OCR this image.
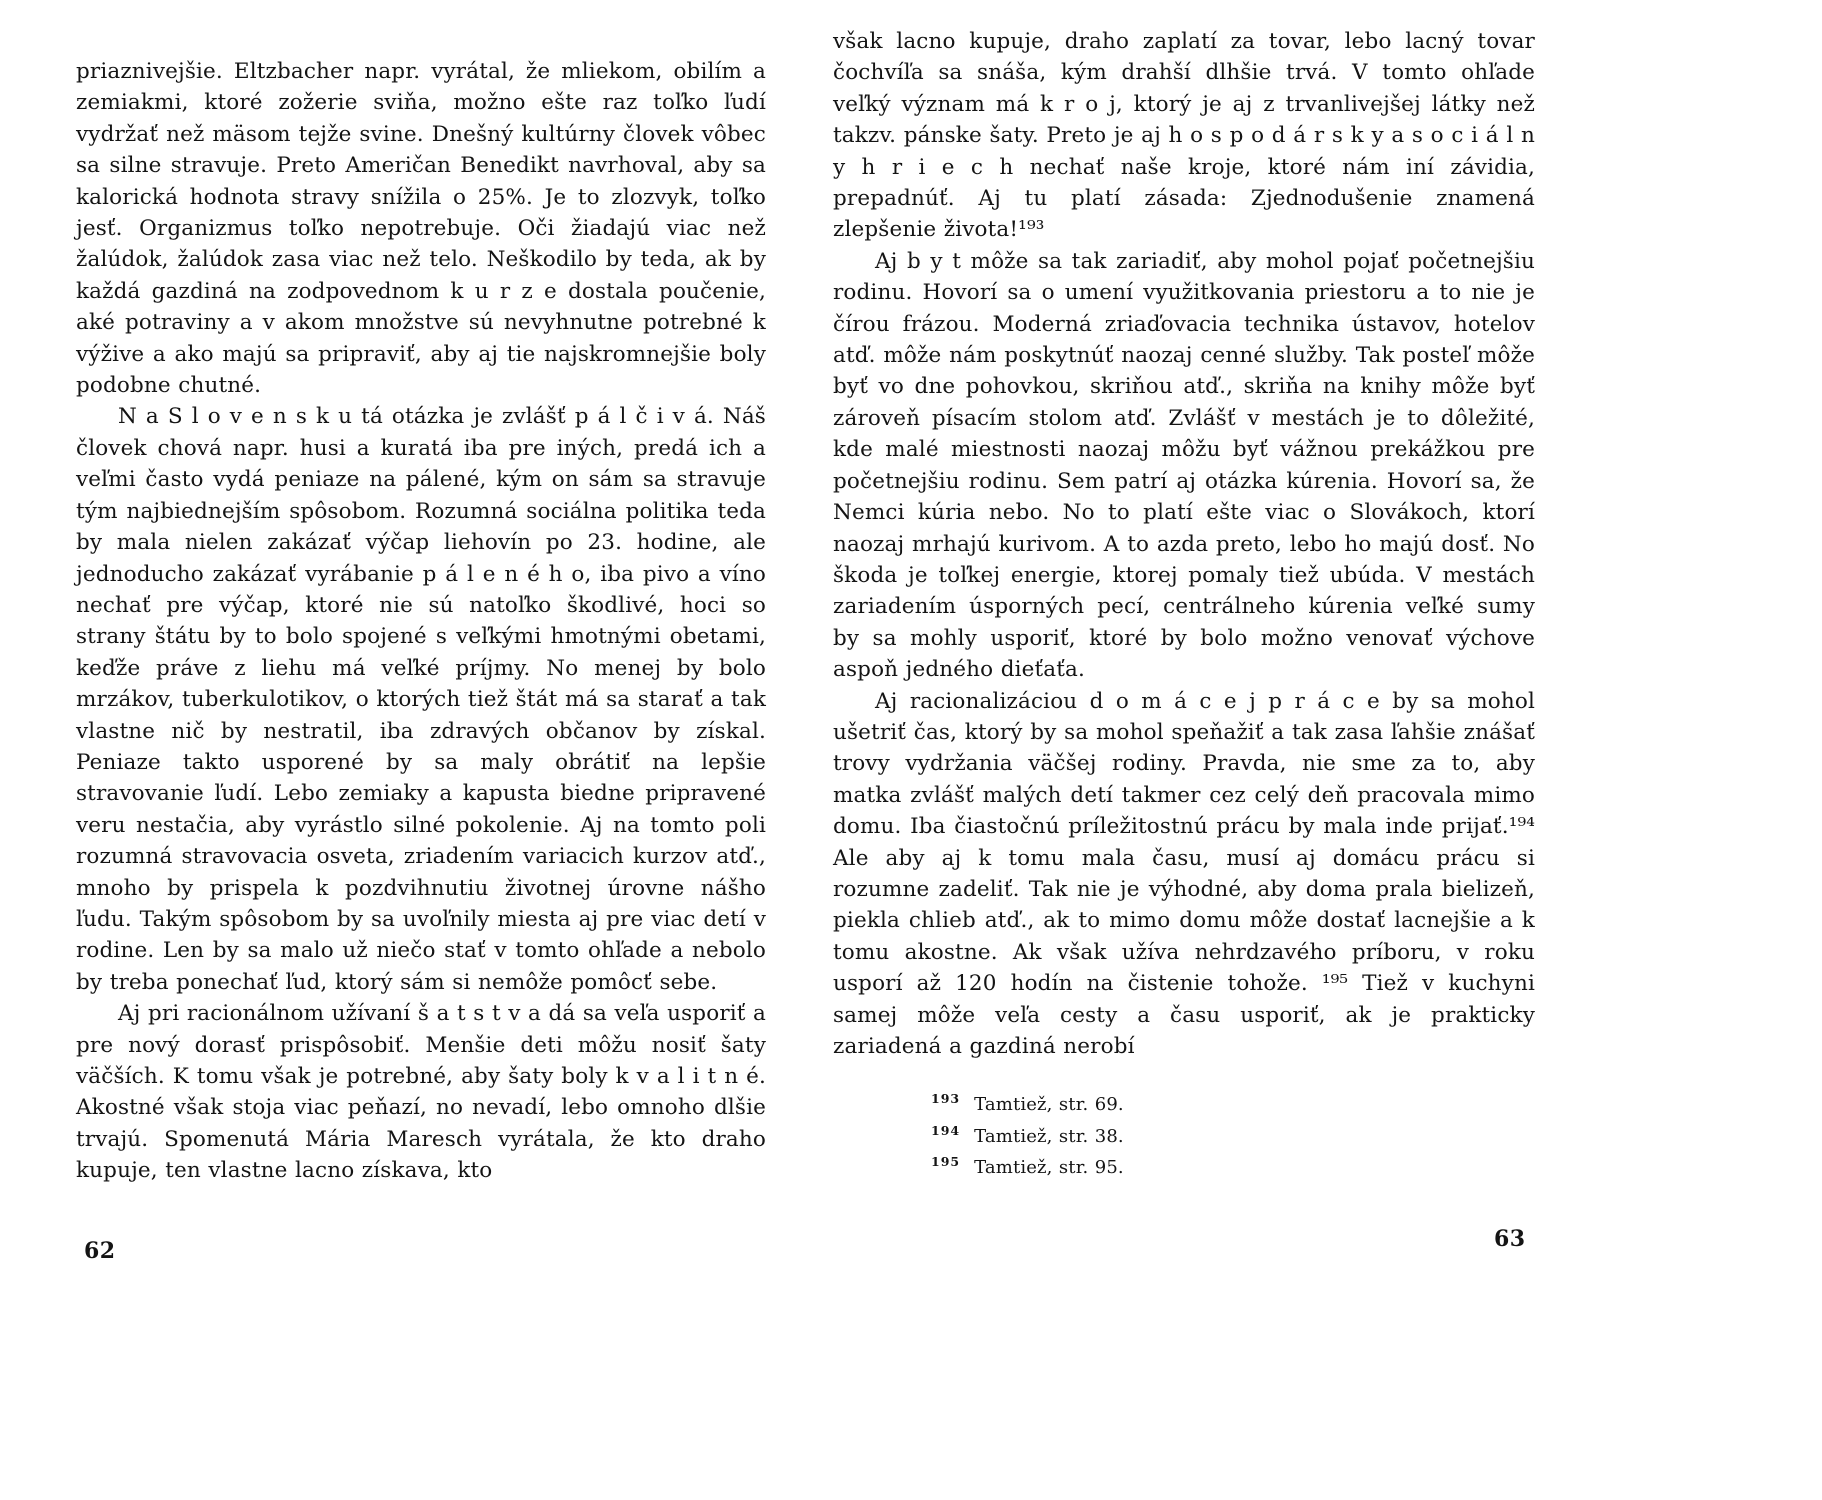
priaznivejšie. Eltzbacher napr. vyrátal, že mliekom, obilím a zemiakmi, ktoré zožerie sviňa, možno ešte raz toľko ľudí vydržať než mäsom tejže svine. Dnešný kultúrny človek vôbec sa silne stravuje. Preto Američan Benedikt navrhoval, aby sa kalorická hodnota stravy snížila o 25%. Je to zlozvyk, toľko jesť. Organizmus toľko nepotrebuje. Oči žiadajú viac než žalúdok, žalúdok zasa viac než telo. Neškodilo by teda, ak by každá gazdiná na zodpovednom k u r z e dostala poučenie, aké potraviny a v akom množstve sú nevyhnutne potrebné k výžive a ako majú sa pripraviť, aby aj tie najskromnejšie boly podobne chutné.

N a S l o v e n s k u tá otázka je zvlášť p á l č i v á. Náš človek chová napr. husi a kuratá iba pre iných, predá ich a veľmi často vydá peniaze na pálené, kým on sám sa stravuje tým najbiednejším spôsobom. Rozumná sociálna politika teda by mala nielen zakázať výčap liehovín po 23. hodine, ale jednoducho zakázať vyrábanie p á l e n é h o, iba pivo a víno nechať pre výčap, ktoré nie sú natoľko škodlivé, hoci so strany štátu by to bolo spojené s veľkými hmotnými obetami, keďže práve z liehu má veľké príjmy. No menej by bolo mrzákov, tuberkulotikov, o ktorých tiež štát má sa starať a tak vlastne nič by nestratil, iba zdravých občanov by získal. Peniaze takto usporené by sa maly obrátiť na lepšie stravovanie ľudí. Lebo zemiaky a kapusta biedne pripravené veru nestačia, aby vyrástlo silné pokolenie. Aj na tomto poli rozumná stravovacia osveta, zriadením variacich kurzov atď., mnoho by prispela k pozdvihnutiu životnej úrovne nášho ľudu. Takým spôsobom by sa uvoľnily miesta aj pre viac detí v rodine. Len by sa malo už niečo stať v tomto ohľade a nebolo by treba ponechať ľud, ktorý sám si nemôže pomôcť sebe.

Aj pri racionálnom užívaní š a t s t v a dá sa veľa usporiť a pre nový dorasť prispôsobiť. Menšie deti môžu nosiť šaty väčších. K tomu však je potrebné, aby šaty boly k v a l i t n é. Akostné však stoja viac peňazí, no nevadí, lebo omnoho dlšie trvajú. Spomenutá Mária Maresch vyrátala, že kto draho kupuje, ten vlastne lacno získava, kto

62

však lacno kupuje, draho zaplatí za tovar, lebo lacný tovar čochvíľa sa snáša, kým drahší dlhšie trvá. V tomto ohľade veľký význam má k r o j, ktorý je aj z trvanlivejšej látky než takzv. pánske šaty. Preto je aj h o s p o d á r s k y a s o c i á l n y h r i e c h nechať naše kroje, ktoré nám iní závidia, prepadnúť. Aj tu platí zásada: Zjednodušenie znamená zlepšenie života!¹⁹³

Aj b y t môže sa tak zariadiť, aby mohol pojať početnejšiu rodinu. Hovorí sa o umení využitkovania priestoru a to nie je čírou frázou. Moderná zriaďovacia technika ústavov, hotelov atď. môže nám poskytnúť naozaj cenné služby. Tak posteľ môže byť vo dne pohovkou, skriňou atď., skriňa na knihy môže byť zároveň písacím stolom atď. Zvlášť v mestách je to dôležité, kde malé miestnosti naozaj môžu byť vážnou prekážkou pre početnejšiu rodinu. Sem patrí aj otázka kúrenia. Hovorí sa, že Nemci kúria nebo. No to platí ešte viac o Slovákoch, ktorí naozaj mrhajú kurivom. A to azda preto, lebo ho majú dosť. No škoda je toľkej energie, ktorej pomaly tiež ubúda. V mestách zariadením úsporných pecí, centrálneho kúrenia veľké sumy by sa mohly usporiť, ktoré by bolo možno venovať výchove aspoň jedného dieťaťa.

Aj racionalizáciou d o m á c e j p r á c e by sa mohol ušetriť čas, ktorý by sa mohol speňažiť a tak zasa ľahšie znášať trovy vydržania väčšej rodiny. Pravda, nie sme za to, aby matka zvlášť malých detí takmer cez celý deň pracovala mimo domu. Iba čiastočnú príležitostnú prácu by mala inde prijať.¹⁹⁴ Ale aby aj k tomu mala času, musí aj domácu prácu si rozumne zadeliť. Tak nie je výhodné, aby doma prala bielizeň, piekla chlieb atď., ak to mimo domu môže dostať lacnejšie a k tomu akostne. Ak však užíva nehrdzavého príboru, v roku usporí až 120 hodín na čistenie tohože. ¹⁹⁵ Tiež v kuchyni samej môže veľa cesty a času usporiť, ak je prakticky zariadená a gazdiná nerobí

$^{193}$ Tamtiež, str. 69.
$^{194}$ Tamtiež, str. 38.
$^{195}$ Tamtiež, str. 95.
63
